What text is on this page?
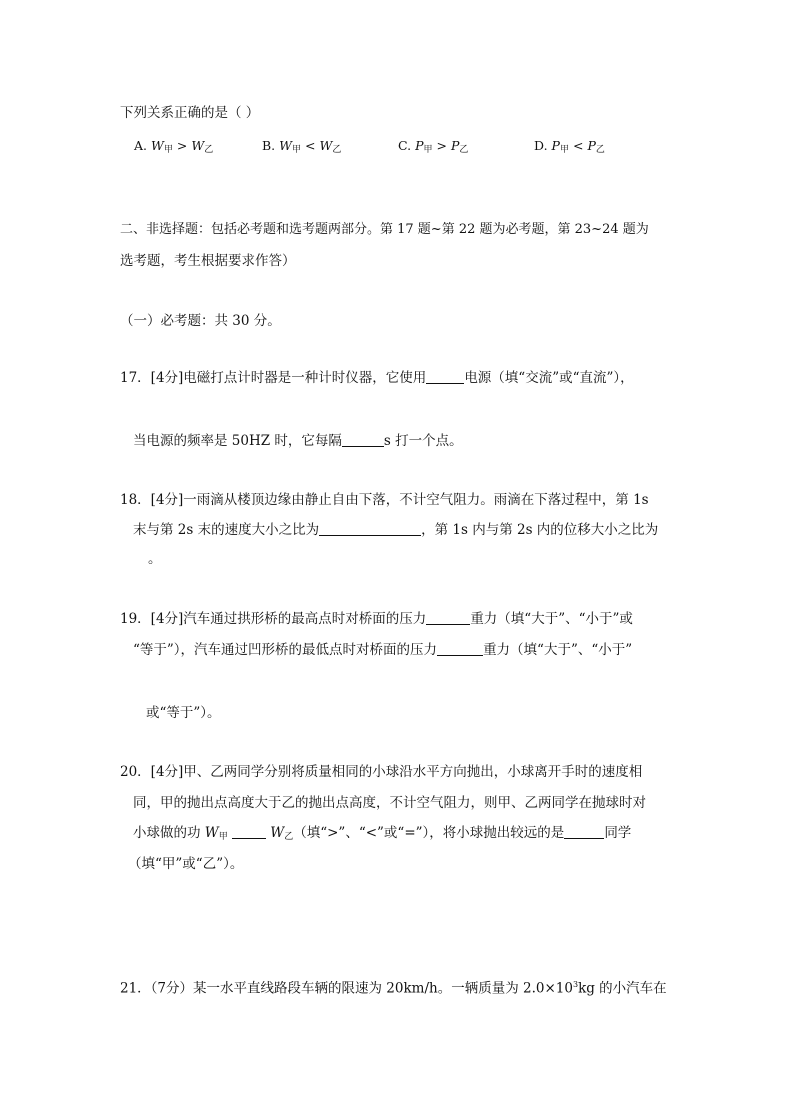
下列关系正确的是（ ）
A. $W_甲 > W_乙$	B. $W_甲 < W_乙$	C. $P_甲 > P_乙$	D. $P_甲 < P_乙$
二、非选择题：包括必考题和选考题两部分。第 17 题~第 22 题为必考题，第 23~24 题为
选考题，考生根据要求作答）
（一）必考题：共 30 分。
17．[4分]电磁打点计时器是一种计时仪器，它使用	电源（填“交流”或“直流”），
当电源的频率是 50HZ 时，它每隔	s 打一个点。
18．[4分]一雨滴从楼顶边缘由静止自由下落，不计空气阻力。雨滴在下落过程中，第 1s
末与第 2s 末的速度大小之比为	，第 1s 内与第 2s 内的位移大小之比为
。
19．[4分]汽车通过拱形桥的最高点时对桥面的压力	重力（填“大于”、“小于”或
“等于”），汽车通过凹形桥的最低点时对桥面的压力	重力（填“大于”、“小于”
或“等于”）。
20．[4分]甲、乙两同学分别将质量相同的小球沿水平方向抛出，小球离开手时的速度相
同，甲的抛出点高度大于乙的抛出点高度，不计空气阻力，则甲、乙两同学在抛球时对
小球做的功 $W_甲$	$W_乙$（填“>”、“<”或“=”），将小球抛出较远的是	同学
（填“甲”或“乙”）。
21．（7分）某一水平直线路段车辆的限速为 20km/h。一辆质量为 $2.0\times 10^3kg$ 的小汽车在
